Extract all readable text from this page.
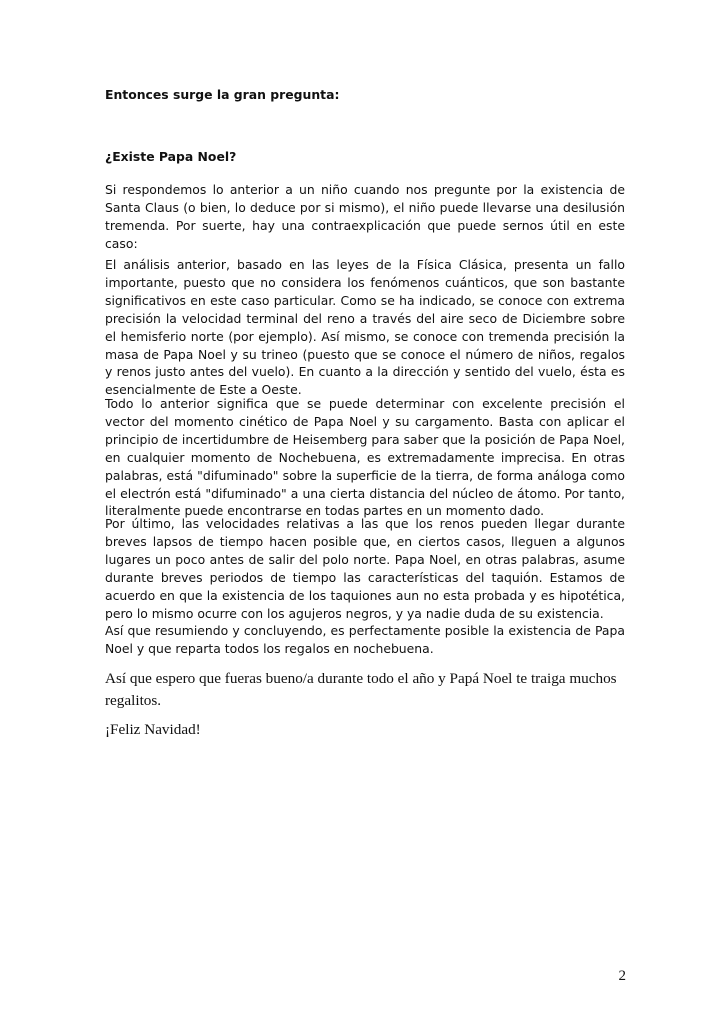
Entonces surge la gran pregunta:

¿Existe Papa Noel?

Si respondemos lo anterior a un niño cuando nos pregunte por la existencia de Santa Claus (o bien, lo deduce por si mismo), el niño puede llevarse una desilusión tremenda. Por suerte, hay una contraexplicación que puede sernos útil en este caso:

El análisis anterior, basado en las leyes de la Física Clásica, presenta un fallo importante, puesto que no considera los fenómenos cuánticos, que son bastante significativos en este caso particular. Como se ha indicado, se conoce con extrema precisión la velocidad terminal del reno a través del aire seco de Diciembre sobre el hemisferio norte (por ejemplo). Así mismo, se conoce con tremenda precisión la masa de Papa Noel y su trineo (puesto que se conoce el número de niños, regalos y renos justo antes del vuelo). En cuanto a la dirección y sentido del vuelo, ésta es esencialmente de Este a Oeste.

Todo lo anterior significa que se puede determinar con excelente precisión el vector del momento cinético de Papa Noel y su cargamento. Basta con aplicar el principio de incertidumbre de Heisemberg para saber que la posición de Papa Noel, en cualquier momento de Nochebuena, es extremadamente imprecisa. En otras palabras, está "difuminado" sobre la superficie de la tierra, de forma análoga como el electrón está "difuminado" a una cierta distancia del núcleo de átomo. Por tanto, literalmente puede encontrarse en todas partes en un momento dado.

Por último, las velocidades relativas a las que los renos pueden llegar durante breves lapsos de tiempo hacen posible que, en ciertos casos, lleguen a algunos lugares un poco antes de salir del polo norte. Papa Noel, en otras palabras, asume durante breves periodos de tiempo las características del taquión. Estamos de acuerdo en que la existencia de los taquiones aun no esta probada y es hipotética, pero lo mismo ocurre con los agujeros negros, y ya nadie duda de su existencia.

Así que resumiendo y concluyendo, es perfectamente posible la existencia de Papa Noel y que reparta todos los regalos en nochebuena.

Así que espero que fueras bueno/a durante todo el año y Papá Noel te traiga muchos regalitos.

¡Feliz Navidad!

2
